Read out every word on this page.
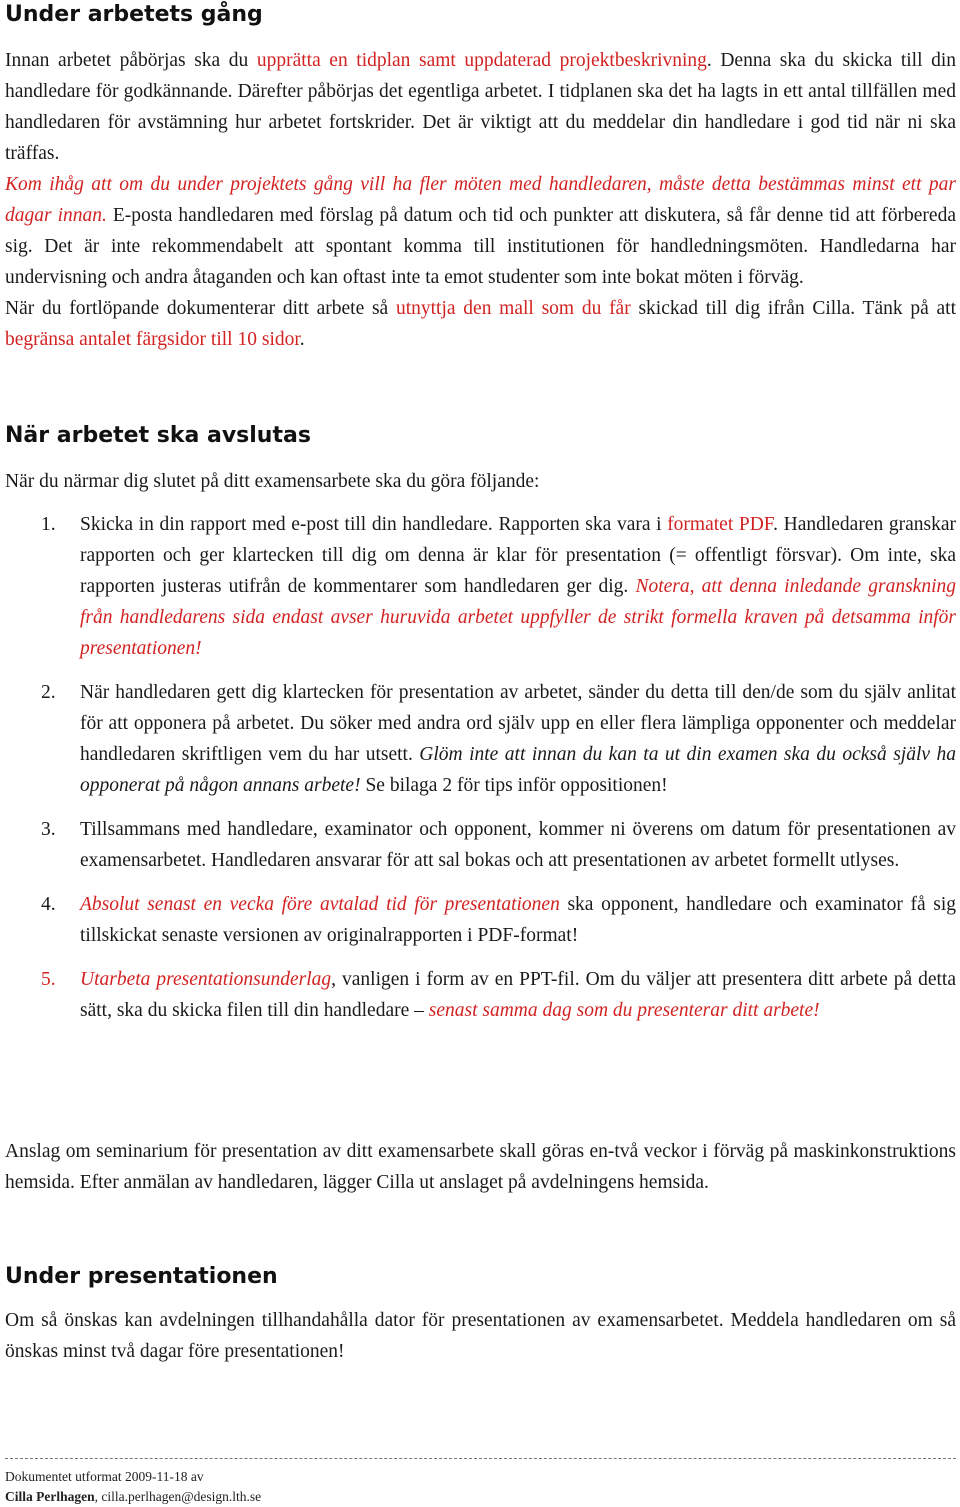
Under arbetets gång

Innan arbetet påbörjas ska du upprätta en tidplan samt uppdaterad projektbeskrivning. Denna ska du skicka till din handledare för godkännande. Därefter påbörjas det egentliga arbetet. I tidplanen ska det ha lagts in ett antal tillfällen med handledaren för avstämning hur arbetet fortskrider. Det är viktigt att du meddelar din handledare i god tid när ni ska träffas.
Kom ihåg att om du under projektets gång vill ha fler möten med handledaren, måste detta bestämmas minst ett par dagar innan. E-posta handledaren med förslag på datum och tid och punkter att diskutera, så får denne tid att förbereda sig. Det är inte rekommendabelt att spontant komma till institutionen för handledningsmöten. Handledarna har undervisning och andra åtaganden och kan oftast inte ta emot studenter som inte bokat möten i förväg.
När du fortlöpande dokumenterar ditt arbete så utnyttja den mall som du får skickad till dig ifrån Cilla. Tänk på att begränsa antalet färgsidor till 10 sidor.

När arbetet ska avslutas

När du närmar dig slutet på ditt examensarbete ska du göra följande:

1. Skicka in din rapport med e-post till din handledare. Rapporten ska vara i formatet PDF. Handledaren granskar rapporten och ger klartecken till dig om denna är klar för presentation (= offentligt försvar). Om inte, ska rapporten justeras utifrån de kommentarer som handledaren ger dig. Notera, att denna inledande granskning från handledarens sida endast avser huruvida arbetet uppfyller de strikt formella kraven på detsamma inför presentationen!
2. När handledaren gett dig klartecken för presentation av arbetet, sänder du detta till den/de som du själv anlitat för att opponera på arbetet. Du söker med andra ord själv upp en eller flera lämpliga opponenter och meddelar handledaren skriftligen vem du har utsett. Glöm inte att innan du kan ta ut din examen ska du också själv ha opponerat på någon annans arbete! Se bilaga 2 för tips inför oppositionen!
3. Tillsammans med handledare, examinator och opponent, kommer ni överens om datum för presentationen av examensarbetet. Handledaren ansvarar för att sal bokas och att presentationen av arbetet formellt utlyses.
4. Absolut senast en vecka före avtalad tid för presentationen ska opponent, handledare och examinator få sig tillskickat senaste versionen av originalrapporten i PDF-format!
5. Utarbeta presentationsunderlag, vanligen i form av en PPT-fil. Om du väljer att presentera ditt arbete på detta sätt, ska du skicka filen till din handledare – senast samma dag som du presenterar ditt arbete!

Anslag om seminarium för presentation av ditt examensarbete skall göras en-två veckor i förväg på maskinkonstruktions hemsida. Efter anmälan av handledaren, lägger Cilla ut anslaget på avdelningens hemsida.

Under presentationen

Om så önskas kan avdelningen tillhandahålla dator för presentationen av examensarbetet. Meddela handledaren om så önskas minst två dagar före presentationen!

Dokumentet utformat 2009-11-18 av
Cilla Perlhagen, cilla.perlhagen@design.lth.se
